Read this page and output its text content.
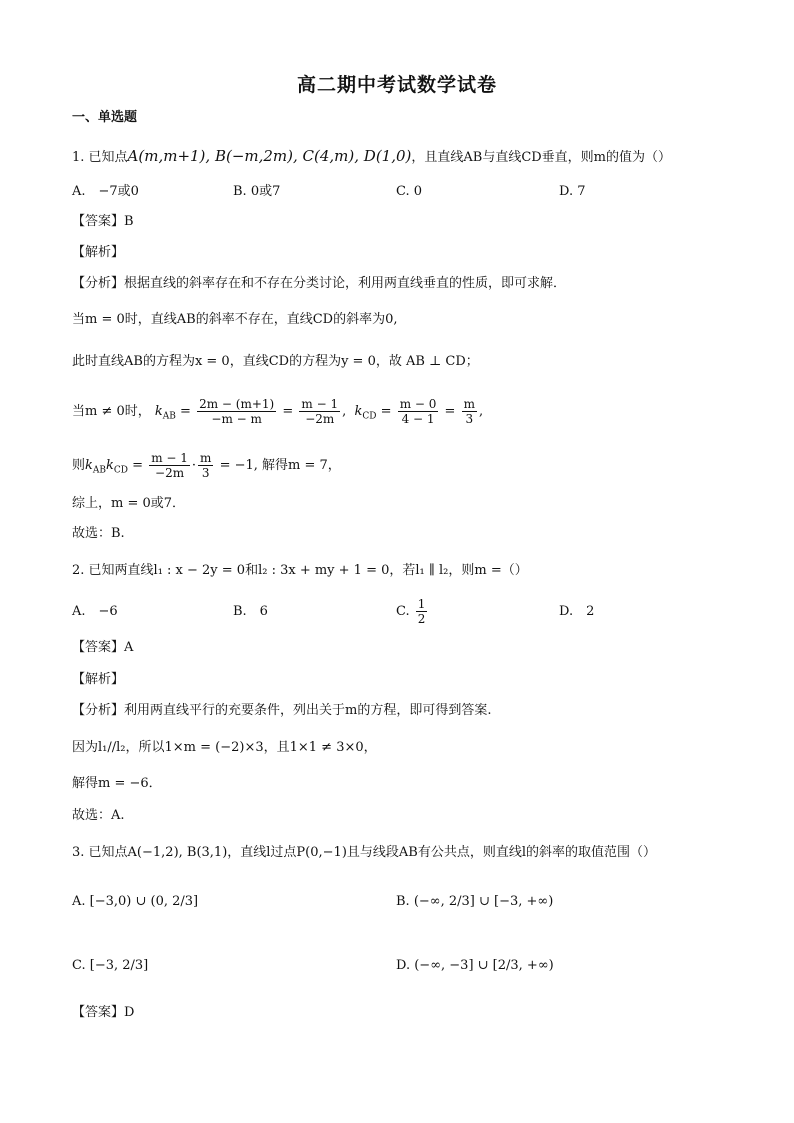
高二期中考试数学试卷
一、单选题
1. 已知点A(m,m+1), B(−m,2m), C(4,m), D(1,0)，且直线AB与直线CD垂直，则m的值为（）
A.　−7或0	B. 0或7	C. 0	D. 7
【答案】B
【解析】
【分析】根据直线的斜率存在和不存在分类讨论，利用两直线垂直的性质，即可求解．
当m = 0时，直线AB的斜率不存在，直线CD的斜率为0,
此时直线AB的方程为x = 0，直线CD的方程为y = 0，故 AB ⊥ CD；
当m ≠ 0时， $k_{AB} = \frac{2m - (m+1)}{-m - m} = \frac{m - 1}{-2m}$ ,  $k_{CD} = \frac{m - 0}{4 - 1} = \frac{m}{3}$ ,
则$k_{AB}k_{CD} = \frac{m - 1}{-2m} \cdot \frac{m}{3} = -1$, 解得m = 7，
综上，m = 0或7．
故选：B.
2. 已知两直线l₁ : x − 2y = 0和l₂ : 3x + my + 1 = 0，若l₁ ∥ l₂，则m =（）
A.　−6	B.　6	C. $\frac{1}{2}$	D.　2
【答案】A
【解析】
【分析】利用两直线平行的充要条件，列出关于m的方程，即可得到答案.
因为l₁//l₂，所以1×m = (−2)×3，且1×1 ≠ 3×0，
解得m = −6．
故选：A.
3. 已知点A(−1,2), B(3,1)，直线l过点P(0,−1)且与线段AB有公共点，则直线l的斜率的取值范围（）
A. [−3,0) ∪ (0, 2/3]	B. (−∞, 2/3] ∪ [−3, +∞)
C. [−3, 2/3]	D. (−∞, −3] ∪ [2/3, +∞)
【答案】D
